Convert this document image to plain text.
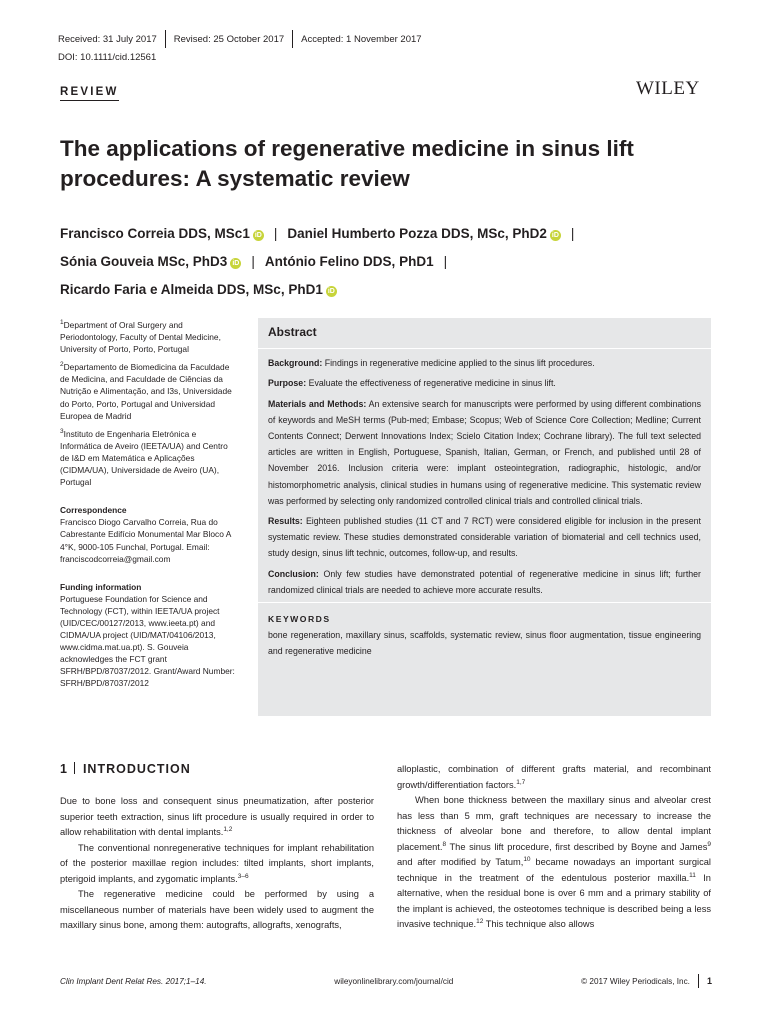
Received: 31 July 2017 Revised: 25 October 2017 Accepted: 1 November 2017
DOI: 10.1111/cid.12561
REVIEW	WILEY
The applications of regenerative medicine in sinus lift
procedures: A systematic review
Francisco Correia DDS, MSc1 iD | Daniel Humberto Pozza DDS, MSc, PhD2 iD |
Sónia Gouveia MSc, PhD3 iD | António Felino DDS, PhD1 |
Ricardo Faria e Almeida DDS, MSc, PhD1 iD

$^1$Department of Oral Surgery and Periodontology, Faculty of Dental Medicine, University of Porto, Porto, Portugal

$^2$Departamento de Biomedicina da Faculdade de Medicina, and Faculdade de Ciências da Nutrição e Alimentação, and I3s, Universidade do Porto, Porto, Portugal and Universidad Europea de Madrid

$^3$Instituto de Engenharia Eletrónica e Informática de Aveiro (IEETA/UA) and Centro de I&D em Matemática e Aplicações (CIDMA/UA), Universidade de Aveiro (UA), Portugal

Correspondence

Francisco Diogo Carvalho Correia, Rua do Cabrestante Edifício Monumental Mar Bloco A 4°K, 9000-105 Funchal, Portugal. Email: franciscodcorreia@gmail.com

Funding information

Portuguese Foundation for Science and Technology (FCT), within IEETA/UA project (UID/CEC/00127/2013, www.ieeta.pt) and CIDMA/UA project (UID/MAT/04106/2013, www.cidma.mat.ua.pt). S. Gouveia acknowledges the FCT grant SFRH/BPD/87037/2012. Grant/Award Number: SFRH/BPD/87037/2012

Abstract

Background: Findings in regenerative medicine applied to the sinus lift procedures.

Purpose: Evaluate the effectiveness of regenerative medicine in sinus lift.

Materials and Methods: An extensive search for manuscripts were performed by using different combinations of keywords and MeSH terms (Pub-med; Embase; Scopus; Web of Science Core Collection; Medline; Current Contents Connect; Derwent Innovations Index; Scielo Citation Index; Cochrane library). The full text selected articles are written in English, Portuguese, Spanish, Italian, German, or French, and published until 28 of November 2016. Inclusion criteria were: implant osteointegration, radiographic, histologic, and/or histomorphometric analysis, clinical studies in humans using of regenerative medicine. This systematic review was performed by selecting only randomized controlled clinical trials and controlled clinical trials.

Results: Eighteen published studies (11 CT and 7 RCT) were considered eligible for inclusion in the present systematic review. These studies demonstrated considerable variation of biomaterial and cell technics used, study design, sinus lift technic, outcomes, follow-up, and results.

Conclusion: Only few studies have demonstrated potential of regenerative medicine in sinus lift; further randomized clinical trials are needed to achieve more accurate results.

KEYWORDS

bone regeneration, maxillary sinus, scaffolds, systematic review, sinus floor augmentation, tissue engineering and regenerative medicine

1 INTRODUCTION

Due to bone loss and consequent sinus pneumatization, after posterior superior teeth extraction, sinus lift procedure is usually required in order to allow rehabilitation with dental implants.$^{1,2}$

The conventional nonregenerative techniques for implant rehabilitation of the posterior maxillae region includes: tilted implants, short implants, pterigoid implants, and zygomatic implants.$^{3-6}$

The regenerative medicine could be performed by using a miscellaneous number of materials have been widely used to augment the maxillary sinus bone, among them: autografts, allografts, xenografts,

alloplastic, combination of different grafts material, and recombinant growth/differentiation factors.$^{1,7}$

When bone thickness between the maxillary sinus and alveolar crest has less than 5 mm, graft techniques are necessary to increase the thickness of alveolar bone and therefore, to allow dental implant placement.$^8$ The sinus lift procedure, first described by Boyne and James$^9$ and after modified by Tatum,$^{10}$ became nowadays an important surgical technique in the treatment of the edentulous posterior maxilla.$^{11}$ In alternative, when the residual bone is over 6 mm and a primary stability of the implant is achieved, the osteotomes technique is described being a less invasive technique.$^{12}$ This technique also allows

Clin Implant Dent Relat Res. 2017;1–14.	wileyonlinelibrary.com/journal/cid	© 2017 Wiley Periodicals, Inc. 1
